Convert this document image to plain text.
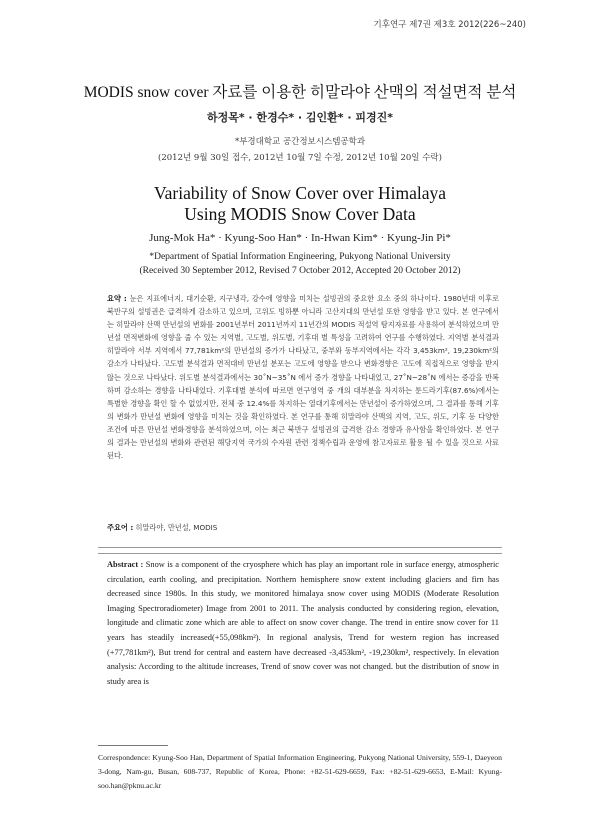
기후연구 제7권 제3호 2012(226~240)
MODIS snow cover 자료를 이용한 히말라야 산맥의 적설면적 분석
하정목* · 한경수* · 김인환* · 피경진*
*부경대학교 공간정보시스템공학과
(2012년 9월 30일 접수, 2012년 10월 7일 수정, 2012년 10월 20일 수락)
Variability of Snow Cover over Himalaya
Using MODIS Snow Cover Data
Jung-Mok Ha* · Kyung-Soo Han* · In-Hwan Kim* · Kyung-Jin Pi*
*Department of Spatial Information Engineering, Pukyong National University
(Received 30 September 2012, Revised 7 October 2012, Accepted 20 October 2012)
요약 : 눈은 지표에너지, 대기순환, 지구냉각, 강수에 영향을 미치는 설빙권의 중요한 요소 중의 하나이다. 1980년대 이후로 북반구의 설빙권은 급격하게 감소하고 있으며, 고위도 빙하뿐 아니라 고산지대의 만년설 또한 영향을 받고 있다. 본 연구에서는 히말라야 산맥 만년설의 변화를 2001년부터 2011년까지 11년간의 MODIS 적설역 탐지자료를 사용하여 분석하였으며 만년설 면적변화에 영향을 줄 수 있는 지역별, 고도별, 위도별, 기후대 별 특성을 고려하여 연구를 수행하였다. 지역별 분석결과 히말라야 서부 지역에서 77,781km²의 만년설의 증가가 나타났고, 중부와 동부지역에서는 각각 3,453km², 19,230km²의 감소가 나타났다. 고도별 분석결과 면적대비 만년설 분포는 고도에 영향을 받으나 변화경향은 고도에 직접적으로 영향을 받지 않는 것으로 나타났다. 위도별 분석결과에서는 30˚N~35˚N 에서 증가 경향을 나타내었고, 27˚N~28˚N 에서는 증감을 반복하며 감소하는 경향을 나타내었다. 기후대별 분석에 따르면 연구영역 중 개의 대부분을 차지하는 툰드라기후(87.6%)에서는 특별한 경향을 확인 할 수 없었지만, 전체 중 12.4%를 차지하는 열대기후에서는 만년설이 증가하였으며, 그 결과를 통해 기후의 변화가 만년설 변화에 영향을 미치는 것을 확인하였다. 본 연구를 통해 히말라야 산맥의 지역, 고도, 위도, 기후 등 다양한 조건에 따른 만년설 변화경향을 분석하였으며, 이는 최근 북반구 설빙권의 급격한 감소 경향과 유사함을 확인하였다. 본 연구의 결과는 만년설의 변화와 관련된 해당지역 국가의 수자원 관련 정책수립과 운영에 참고자료로 활용 될 수 있을 것으로 사료된다.
주요어 : 히말라야, 만년설, MODIS
Abstract : Snow is a component of the cryosphere which has play an important role in surface energy, atmospheric circulation, earth cooling, and precipitation. Northern hemisphere snow extent including glaciers and firn has decreased since 1980s. In this study, we monitored himalaya snow cover using MODIS (Moderate Resolution Imaging Spectroradiometer) Image from 2001 to 2011. The analysis conducted by considering region, elevation, longitude and climatic zone which are able to affect on snow cover change. The trend in entire snow cover for 11 years has steadily increased(+55,098km²). In regional analysis, Trend for western region has increased (+77,781km²), But trend for central and eastern have decreased -3,453km², -19,230km², respectively. In elevation analysis: According to the altitude increases, Trend of snow cover was not changed. but the distribution of snow in study area is
Correspondence: Kyung-Soo Han, Department of Spatial Information Engineering, Pukyong National University, 559-1, Daeyeon 3-dong, Nam-gu, Busan, 608-737, Republic of Korea, Phone: +82-51-629-6659, Fax: +82-51-629-6653, E-Mail: Kyung-soo.han@pknu.ac.kr
